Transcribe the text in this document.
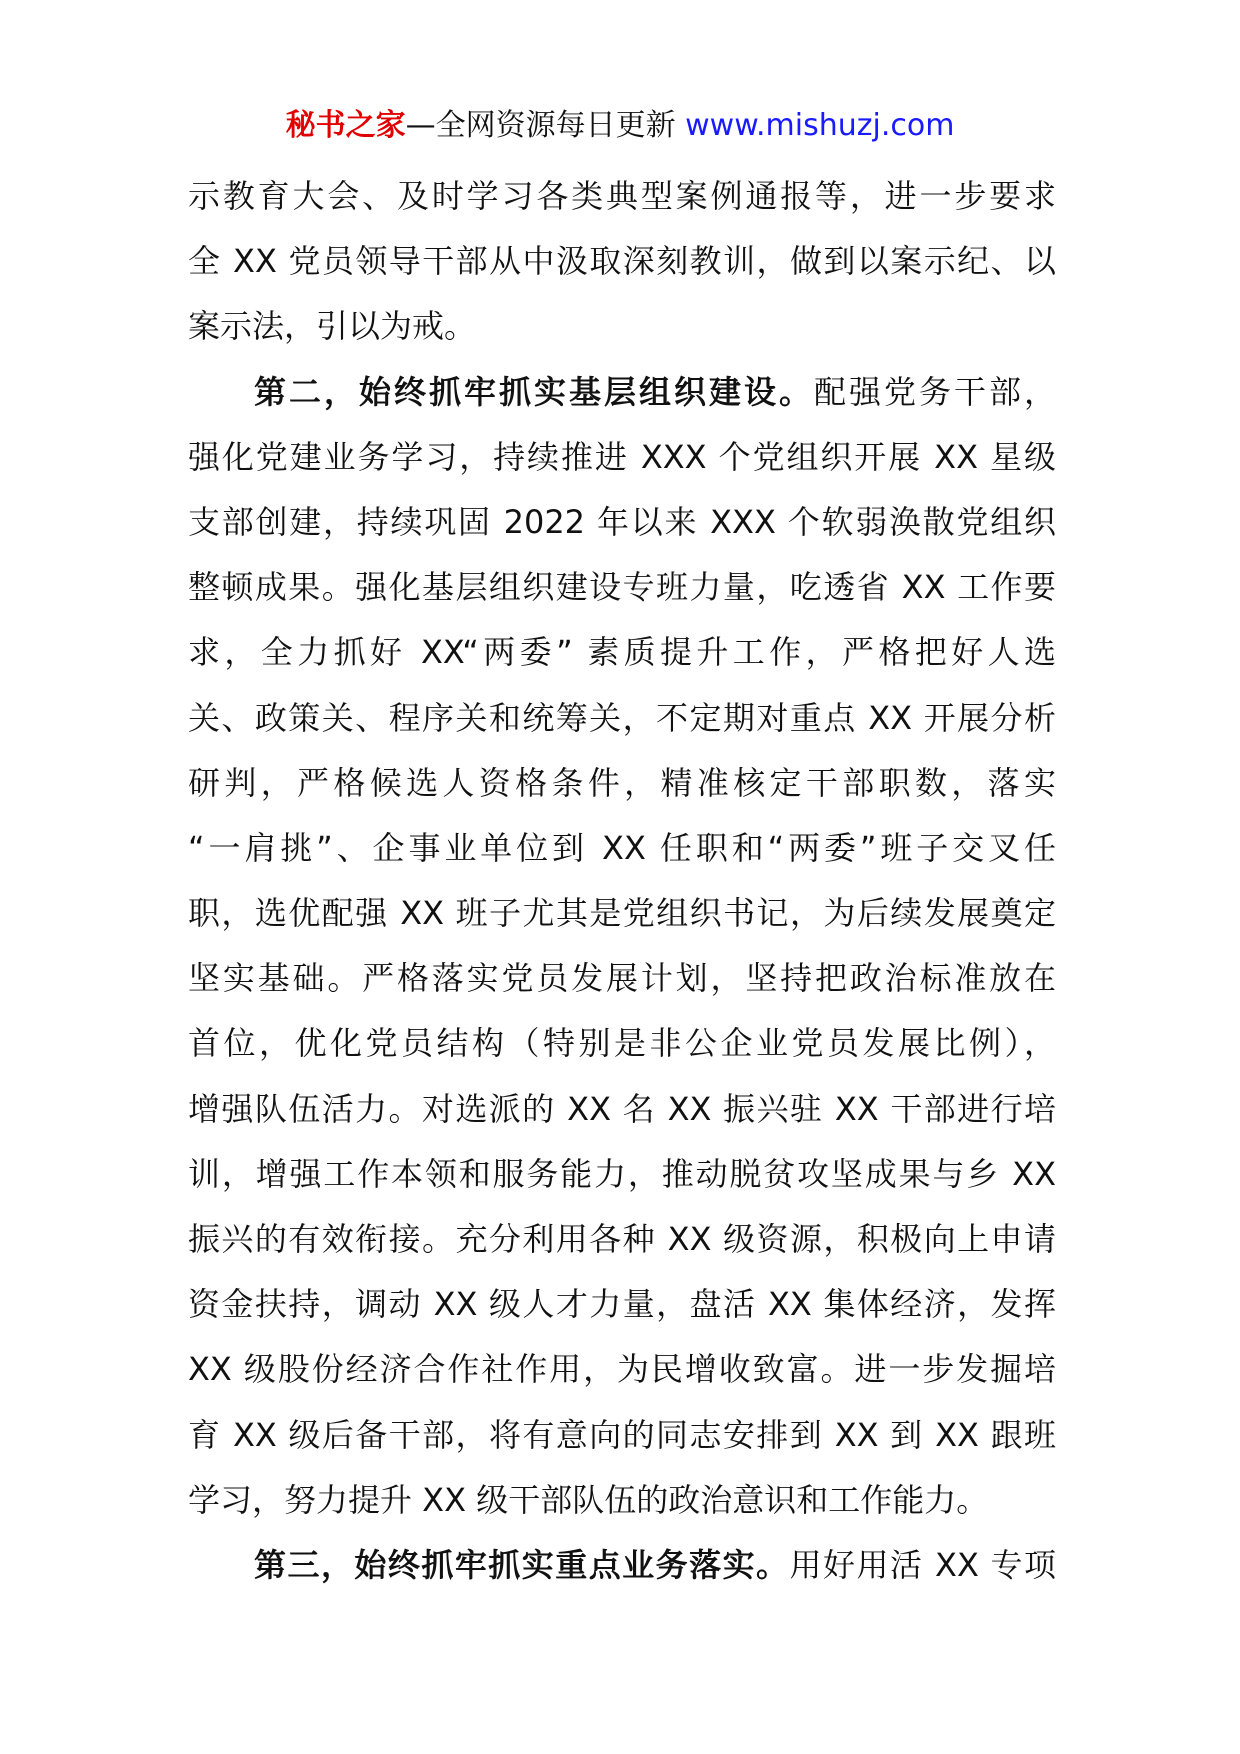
秘书之家—全网资源每日更新 www.mishuzj.com
示教育大会、及时学习各类典型案例通报等，进一步要求
全 XX 党员领导干部从中汲取深刻教训，做到以案示纪、以
案示法，引以为戒。
第二，始终抓牢抓实基层组织建设。配强党务干部，
强化党建业务学习，持续推进 XXX 个党组织开展 XX 星级
支部创建，持续巩固 2022 年以来 XXX 个软弱涣散党组织
整顿成果。强化基层组织建设专班力量，吃透省 XX 工作要
求，全力抓好 XX“两委” 素质提升工作，严格把好人选
关、政策关、程序关和统筹关，不定期对重点 XX 开展分析
研判，严格候选人资格条件，精准核定干部职数，落实
“一肩挑”、企事业单位到 XX 任职和“两委”班子交叉任
职，选优配强 XX 班子尤其是党组织书记，为后续发展奠定
坚实基础。严格落实党员发展计划，坚持把政治标准放在
首位，优化党员结构（特别是非公企业党员发展比例），
增强队伍活力。对选派的 XX 名 XX 振兴驻 XX 干部进行培
训，增强工作本领和服务能力，推动脱贫攻坚成果与乡 XX
振兴的有效衔接。充分利用各种 XX 级资源，积极向上申请
资金扶持，调动 XX 级人才力量，盘活 XX 集体经济，发挥
XX 级股份经济合作社作用，为民增收致富。进一步发掘培
育 XX 级后备干部，将有意向的同志安排到 XX 到 XX 跟班
学习，努力提升 XX 级干部队伍的政治意识和工作能力。
第三，始终抓牢抓实重点业务落实。用好用活 XX 专项
